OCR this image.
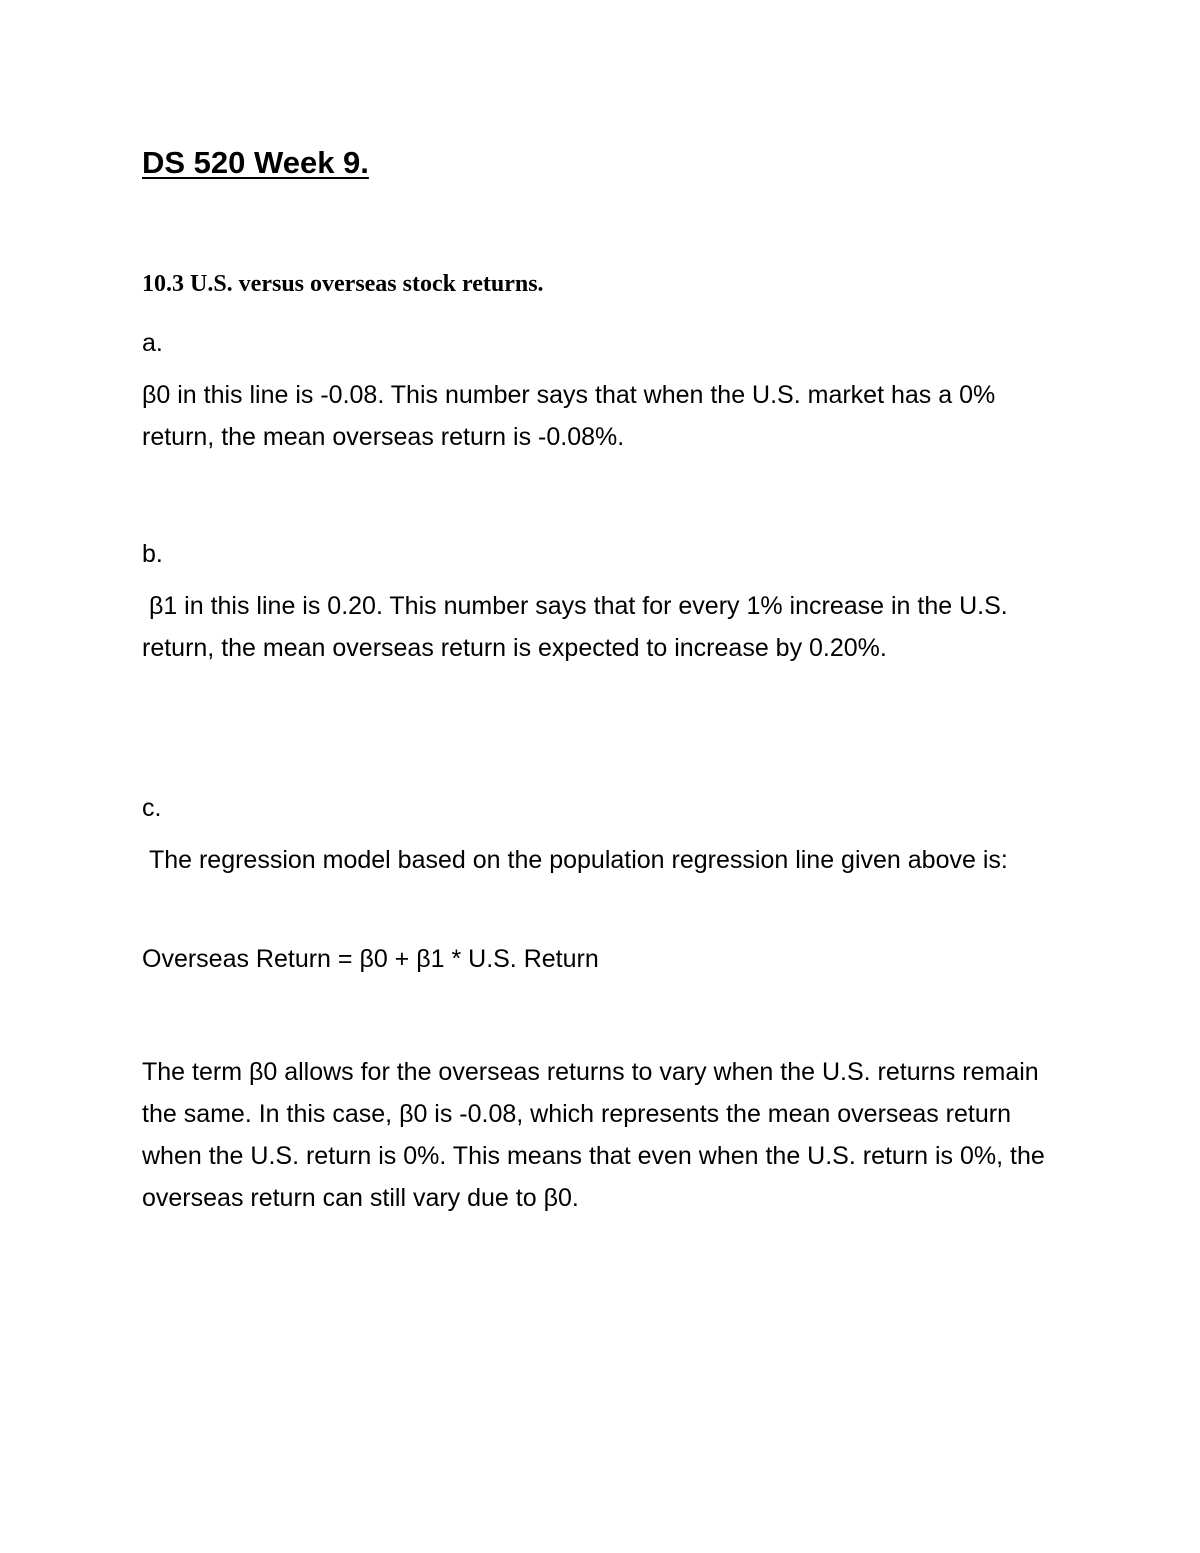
DS 520 Week 9.

10.3 U.S. versus overseas stock returns.

a.

β0 in this line is -0.08. This number says that when the U.S. market has a 0% return, the mean overseas return is -0.08%.

b.

β1 in this line is 0.20. This number says that for every 1% increase in the U.S. return, the mean overseas return is expected to increase by 0.20%.

c.

The regression model based on the population regression line given above is:

Overseas Return = β0 + β1 * U.S. Return

The term β0 allows for the overseas returns to vary when the U.S. returns remain the same. In this case, β0 is -0.08, which represents the mean overseas return when the U.S. return is 0%. This means that even when the U.S. return is 0%, the overseas return can still vary due to β0.
